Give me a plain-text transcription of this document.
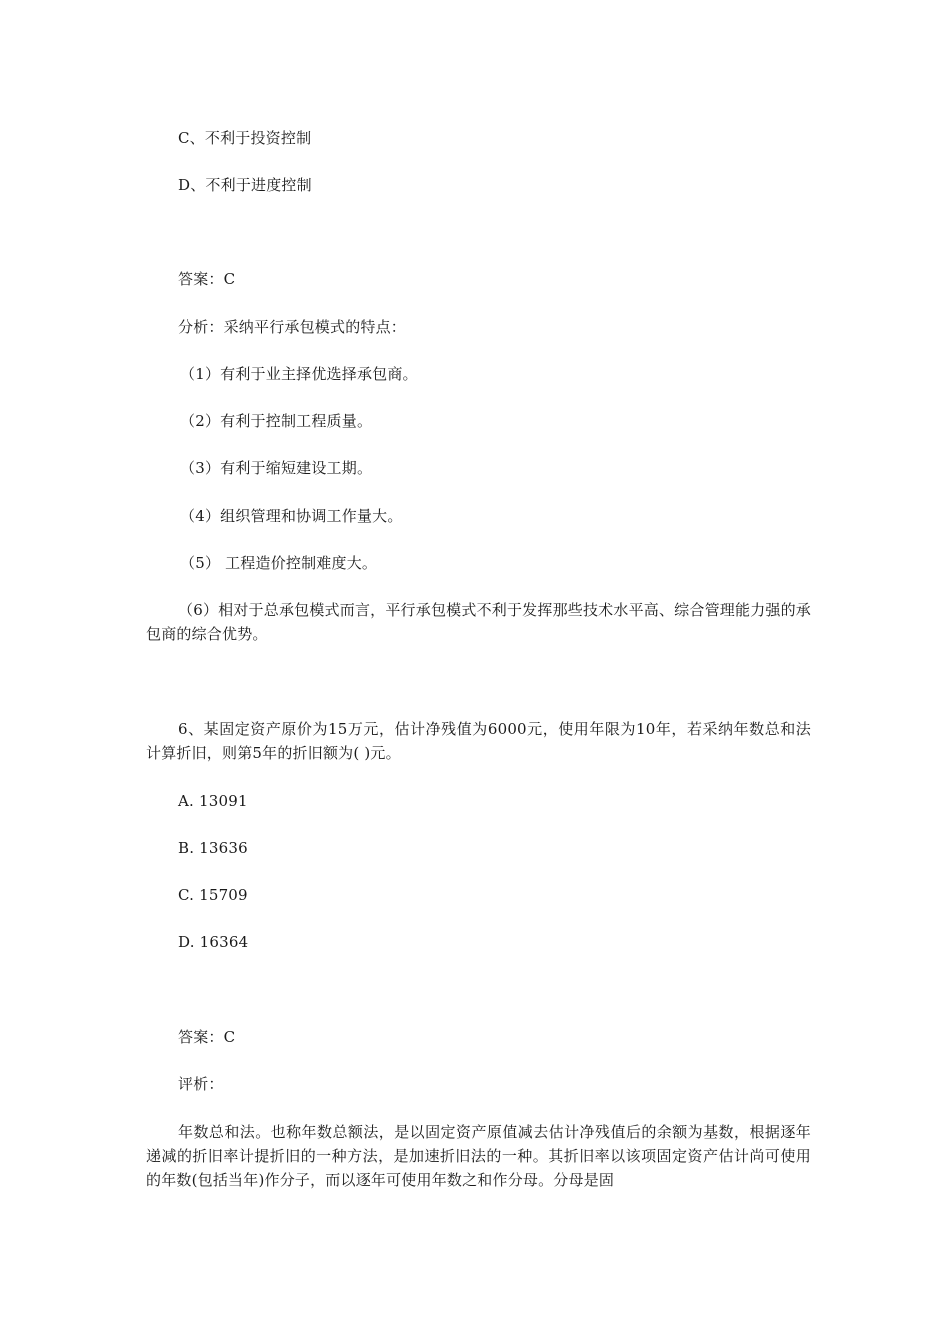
C、不利于投资控制
D、不利于进度控制
答案：C
分析：采纳平行承包模式的特点：
（1）有利于业主择优选择承包商。
（2）有利于控制工程质量。
（3）有利于缩短建设工期。
（4）组织管理和协调工作量大。
（5） 工程造价控制难度大。
（6）相对于总承包模式而言，平行承包模式不利于发挥那些技术水平高、综合管理能力强的承包商的综合优势。
6、某固定资产原价为15万元，估计净残值为6000元，使用年限为10年，若采纳年数总和法计算折旧，则第5年的折旧额为( )元。
A. 13091
B. 13636
C. 15709
D. 16364
答案：C
评析：
年数总和法。也称年数总额法，是以固定资产原值减去估计净残值后的余额为基数，根据逐年递减的折旧率计提折旧的一种方法，是加速折旧法的一种。其折旧率以该项固定资产估计尚可使用的年数(包括当年)作分子，而以逐年可使用年数之和作分母。分母是固
